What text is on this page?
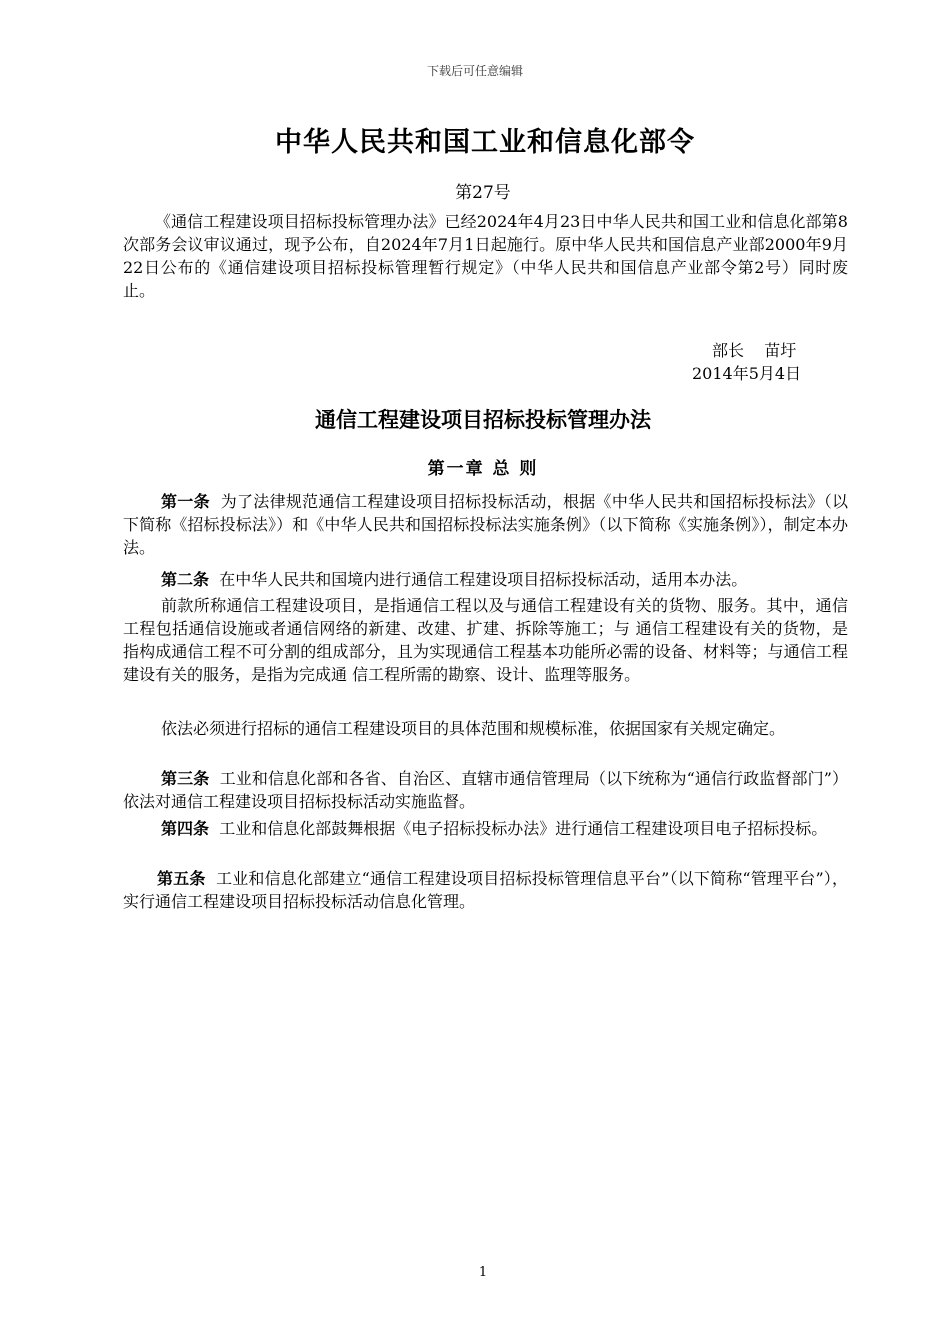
下载后可任意编辑
中华人民共和国工业和信息化部令
第27号

《通信工程建设项目招标投标管理办法》已经2024年4月23日中华人民共和国工业和信息化部第8次部务会议审议通过，现予公布，自2024年7月1日起施行。原中华人民共和国信息产业部2000年9月22日公布的《通信建设项目招标投标管理暂行规定》（中华人民共和国信息产业部令第2号）同时废止。

部长 苗圩
2014年5月4日
通信工程建设项目招标投标管理办法
第一章 总 则

第一条 为了法律规范通信工程建设项目招标投标活动，根据《中华人民共和国招标投标法》（以下简称《招标投标法》）和《中华人民共和国招标投标法实施条例》（以下简称《实施条例》），制定本办法。

第二条 在中华人民共和国境内进行通信工程建设项目招标投标活动，适用本办法。

前款所称通信工程建设项目，是指通信工程以及与通信工程建设有关的货物、服务。其中，通信工程包括通信设施或者通信网络的新建、改建、扩建、拆除等施工；与 通信工程建设有关的货物，是指构成通信工程不可分割的组成部分，且为实现通信工程基本功能所必需的设备、材料等；与通信工程建设有关的服务，是指为完成通 信工程所需的勘察、设计、监理等服务。

依法必须进行招标的通信工程建设项目的具体范围和规模标准，依据国家有关规定确定。

第三条 工业和信息化部和各省、自治区、直辖市通信管理局（以下统称为“通信行政监督部门”）依法对通信工程建设项目招标投标活动实施监督。

第四条 工业和信息化部鼓舞根据《电子招标投标办法》进行通信工程建设项目电子招标投标。

第五条 工业和信息化部建立“通信工程建设项目招标投标管理信息平台”（以下简称“管理平台”），实行通信工程建设项目招标投标活动信息化管理。

1
